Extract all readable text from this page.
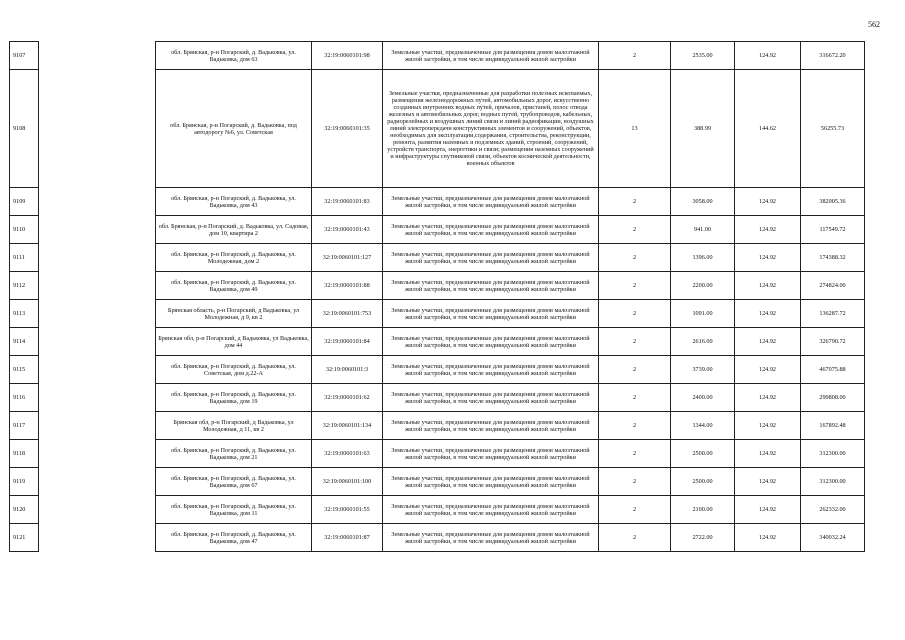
562
9107		обл. Брянская, р-н Погарский, д. Вадьковка, ул. Вадьковка, дом 63	32:19:0060101:98	Земельные участки, предназначенные для размещения домов малоэтажной жилой застройки, в том числе индивидуальной жилой застройки	2	2535.00	124.92	316672.20
9108		обл. Брянская, р-н Погарский, д. Вадьковка, под автодорогу №6, ул. Советская	32:19:0060101:35	Земельные участки, предназначенные для разработки полезных ископаемых, размещения железнодорожных путей, автомобильных дорог, искусственно созданных внутренних водных путей, причалов, пристаней, полос отвода железных и автомобильных дорог, водных путей, трубопроводов, кабельных, радиорелейных и воздушных линий связи и линий радиофикации, воздушных линий электропередачи конструктивных элементов и сооружений, объектов, необходимых для эксплуатации,содержания, строительства, реконструкции, ремонта, развития наземных и подземных зданий, строений, сооружений, устройств транспорта, энергетики и связи; размещения наземных сооружений и инфраструктуры спутниковой связи, объектов космической деятельности, военных объектов	13	388.99	144.62	56255.73
9109		обл. Брянская, р-н Погарский, д. Вадьковка, ул. Вадьковка, дом 43	32:19:0060101:83	Земельные участки, предназначенные для размещения домов малоэтажной жилой застройки, в том числе индивидуальной жилой застройки	2	3058.00	124.92	382005.36
9110		обл. Брянская, р-н Погарский, д. Вадьковка, ул. Садовая, дом 10, квартира 2	32:19:0060101:43	Земельные участки, предназначенные для размещения домов малоэтажной жилой застройки, в том числе индивидуальной жилой застройки	2	941.00	124.92	117549.72
9111		обл. Брянская, р-н Погарский, д. Вадьковка, ул. Молодежная, дом 2	32:19:0060101:127	Земельные участки, предназначенные для размещения домов малоэтажной жилой застройки, в том числе индивидуальной жилой застройки	2	1396.00	124.92	174388.32
9112		обл. Брянская, р-н Погарский, д. Вадьковка, ул. Вадьковка, дом 49	32:19:0060101:88	Земельные участки, предназначенные для размещения домов малоэтажной жилой застройки, в том числе индивидуальной жилой застройки	2	2200.00	124.92	274824.00
9113		Брянская область, р-н Погарский, д Вадьковка, ул Молодежная, д 9, кв 2	32:19:0060101:753	Земельные участки, предназначенные для размещения домов малоэтажной жилой застройки, в том числе индивидуальной жилой застройки	2	1091.00	124.92	136287.72
9114		Брянская обл, р-н Погарский, д Вадьковка, ул Вадьковка, дом 44	32:19:0060101:84	Земельные участки, предназначенные для размещения домов малоэтажной жилой застройки, в том числе индивидуальной жилой застройки	2	2616.00	124.92	326790.72
9115		обл. Брянская, р-н Погарский, д. Вадьковка, ул. Советская, дом д.22-А	32:19:0060101:3	Земельные участки, предназначенные для размещения домов малоэтажной жилой застройки, в том числе индивидуальной жилой застройки	2	3739.00	124.92	467075.88
9116		обл. Брянская, р-н Погарский, д. Вадьковка, ул. Вадьковка, дом 19	32:19:0060101:62	Земельные участки, предназначенные для размещения домов малоэтажной жилой застройки, в том числе индивидуальной жилой застройки	2	2400.00	124.92	299808.00
9117		Брянская обл, р-н Погарский, д Вадьковка, ул Молодежная, д 11, кв 2	32:19:0060101:134	Земельные участки, предназначенные для размещения домов малоэтажной жилой застройки, в том числе индивидуальной жилой застройки	2	1344.00	124.92	167892.48
9118		обл. Брянская, р-н Погарский, д. Вадьковка, ул. Вадьковка, дом 21	32:19:0060101:63	Земельные участки, предназначенные для размещения домов малоэтажной жилой застройки, в том числе индивидуальной жилой застройки	2	2500.00	124.92	312300.00
9119		обл. Брянская, р-н Погарский, д. Вадьковка, ул. Вадьковка, дом 67	32:19:0060101:100	Земельные участки, предназначенные для размещения домов малоэтажной жилой застройки, в том числе индивидуальной жилой застройки	2	2500.00	124.92	312300.00
9120		обл. Брянская, р-н Погарский, д. Вадьковка, ул. Вадьковка, дом 11	32:19:0060101:55	Земельные участки, предназначенные для размещения домов малоэтажной жилой застройки, в том числе индивидуальной жилой застройки	2	2100.00	124.92	262332.00
9121		обл. Брянская, р-н Погарский, д. Вадьковка, ул. Вадьковка, дом 47	32:19:0060101:87	Земельные участки, предназначенные для размещения домов малоэтажной жилой застройки, в том числе индивидуальной жилой застройки	2	2722.00	124.92	340032.24
